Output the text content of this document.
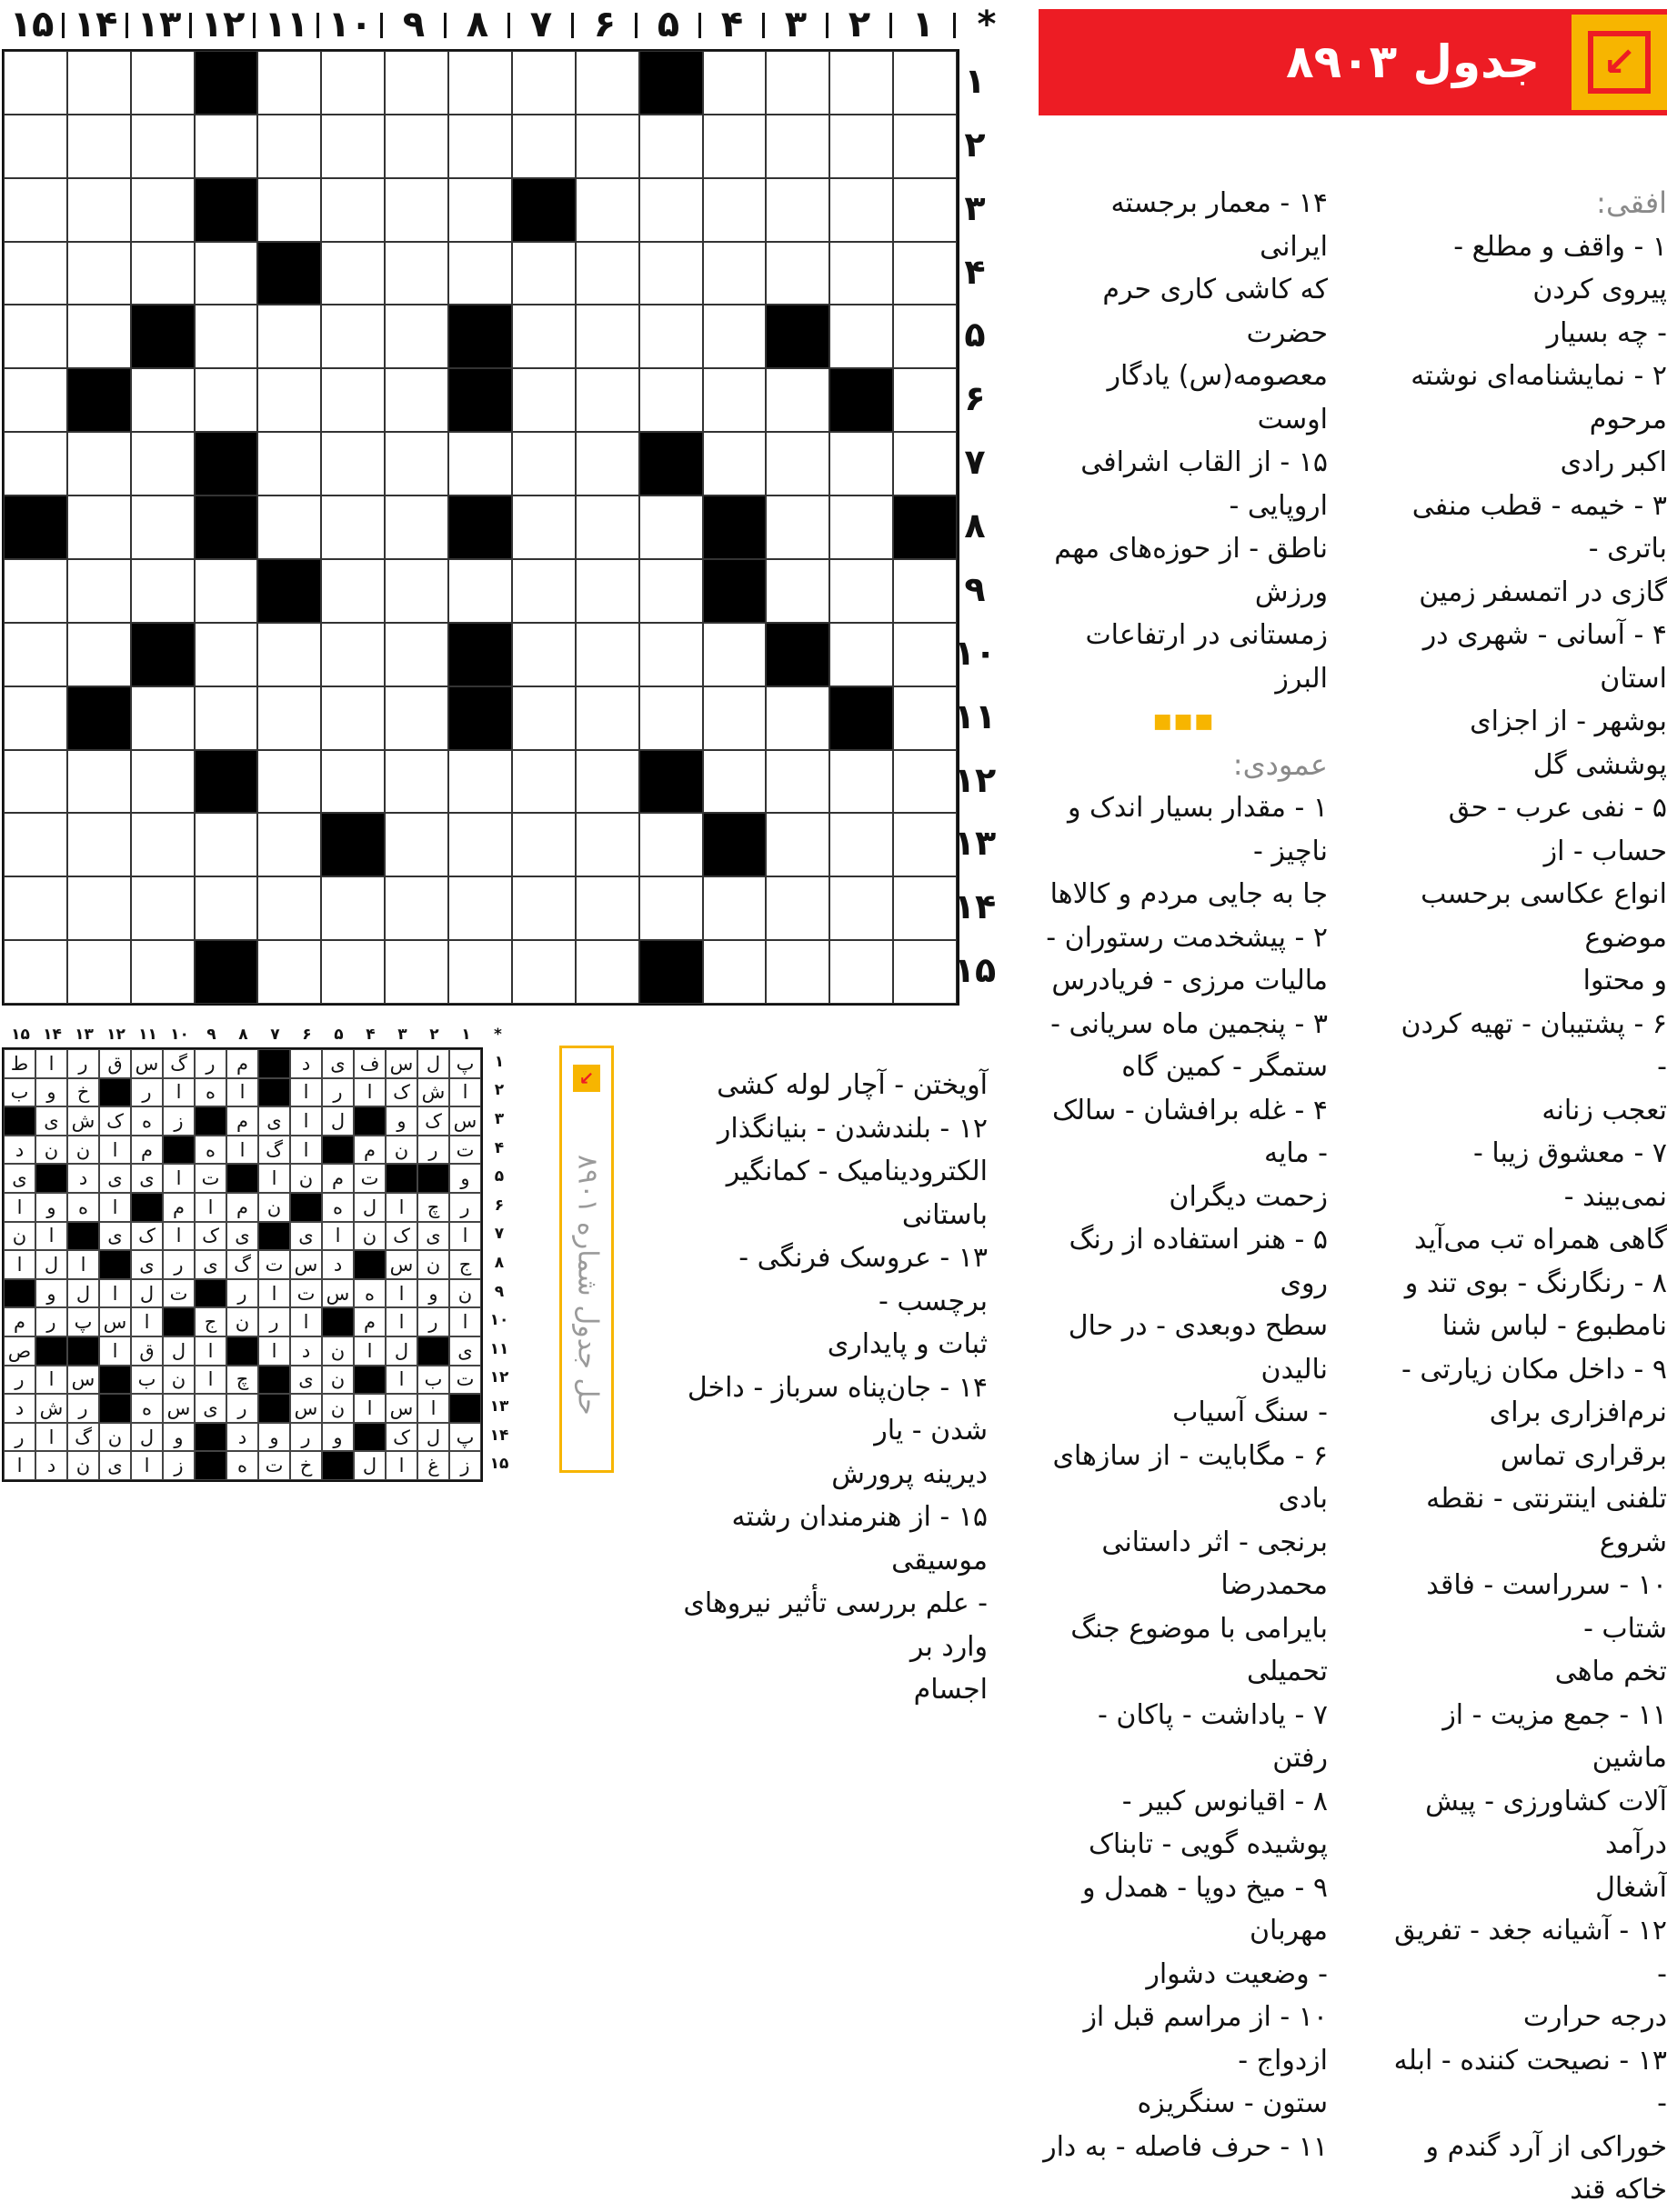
*
۱
۲
۳
۴
۵
۶
۷
۸
۹
۱۰
۱۱
۱۲
۱۳
۱۴
۱۵
۱
۲
۳
۴
۵
۶
۷
۸
۹
۱۰
۱۱
۱۲
۱۳
۱۴
۱۵
جدول ۸۹۰۳	↙
افقی:
۱ - واقف و مطلع - پیروی کردن
- چه بسیار
۲ - نمایشنامه‌ای نوشته مرحوم
اکبر رادی
۳ - خیمه - قطب منفی باتری -
گازی در اتمسفر زمین
۴ - آسانی - شهری در استان
بوشهر - از اجزای پوششی گل
۵ - نفی عرب - حق حساب - از
انواع عکاسی برحسب موضوع
و محتوا
۶ - پشتیبان - تهیه کردن -
تعجب زنانه
۷ - معشوق زیبا - نمی‌بیند -
گاهی همراه تب می‌آید
۸ - رنگارنگ - بوی تند و
نامطبوع - لباس شنا
۹ - داخل مکان زیارتی -
نرم‌افزاری برای برقراری تماس
تلفنی اینترنتی - نقطه شروع
۱۰ - سرراست - فاقد شتاب -
تخم ماهی
۱۱ - جمع مزیت - از ماشین
آلات کشاورزی - پیش درآمد
آشغال
۱۲ - آشیانه جغد - تفریق -
درجه حرارت
۱۳ - نصیحت کننده - ابله -
خوراکی از آرد گندم و خاکه قند
۱۴ - معمار برجسته ایرانی
که کاشی کاری حرم حضرت
معصومه(س) یادگار اوست
۱۵ - از القاب اشرافی اروپایی -
ناطق - از حوزه‌های مهم ورزش
زمستانی در ارتفاعات البرز
■■■
عمودی:
۱ - مقدار بسیار اندک و ناچیز -
جا به جایی مردم و کالاها
۲ - پیشخدمت رستوران -
مالیات مرزی - فریادرس
۳ - پنجمین ماه سریانی -
ستمگر - کمین گاه
۴ - غله برافشان - سالک - مایه
زحمت دیگران
۵ - هنر استفاده از رنگ روی
سطح دوبعدی - در حال نالیدن
- سنگ آسیاب
۶ - مگابایت - از سازهای بادی
برنجی - اثر داستانی محمدرضا
بایرامی با موضوع جنگ تحمیلی
۷ - یاداشت - پاکان - رفتن
۸ - اقیانوس کبیر -
پوشیده گویی - تابناک
۹ - میخ دوپا - همدل و مهربان
- وضعیت دشوار
۱۰ - از مراسم قبل از ازدواج -
ستون - سنگریزه
۱۱ - حرف فاصله - به دار
آویختن - آچار لوله کشی
۱۲ - بلندشدن - بنیانگذار
الکترودینامیک - کمانگیر باستانی
۱۳ - عروسک فرنگی - برچسب -
ثبات و پایداری
۱۴ - جان‌پناه سرباز - داخل شدن - یار
دیرینه پرورش
۱۵ - از هنرمندان رشته موسیقی
- علم بررسی تأثیر نیروهای وارد بر
اجسام
↙
حل جدول شماره ۸۹۰۱
*
۱
۲
۳
۴
۵
۶
۷
۸
۹
۱۰
۱۱
۱۲
۱۳
۱۴
۱۵
پ
ل
س
ف
ی
د
م
ر
گ
س
ق
ر
ا
ط
ا
ش
ک
ا
ر
ا
ا
ه
ا
ر
خ
و
ب
س
ک
و
ل
ا
ی
م
ز
ه
ک
ش
ی
ت
ر
ن
م
ا
گ
ا
ه
م
ا
ن
ن
د
و
ت
م
ن
ا
ت
ا
ی
ی
د
ی
ر
چ
ا
ل
ه
ن
م
ا
م
ا
ه
و
ا
ا
ی
ک
ن
ا
ی
ی
ک
ا
ک
ی
ا
ن
ج
ن
س
د
س
ت
گ
ی
ر
ی
ا
ل
ا
ن
و
ا
ه
س
ت
ا
ر
ت
ل
ا
ل
و
ا
ر
ا
م
ا
ر
ن
ج
ا
س
پ
ر
م
ی
ل
ا
ن
د
ا
ا
ل
ق
ا
ص
ت
ب
ا
ن
ی
چ
ا
ن
ب
س
ا
ر
ا
س
ا
ن
س
ر
ی
س
ه
ر
ش
د
پ
ل
ک
و
ر
و
د
و
ل
ن
گ
ا
ر
ز
غ
ا
ل
خ
ت
ه
ز
ا
ی
ن
د
ا
۱
۲
۳
۴
۵
۶
۷
۸
۹
۱۰
۱۱
۱۲
۱۳
۱۴
۱۵
